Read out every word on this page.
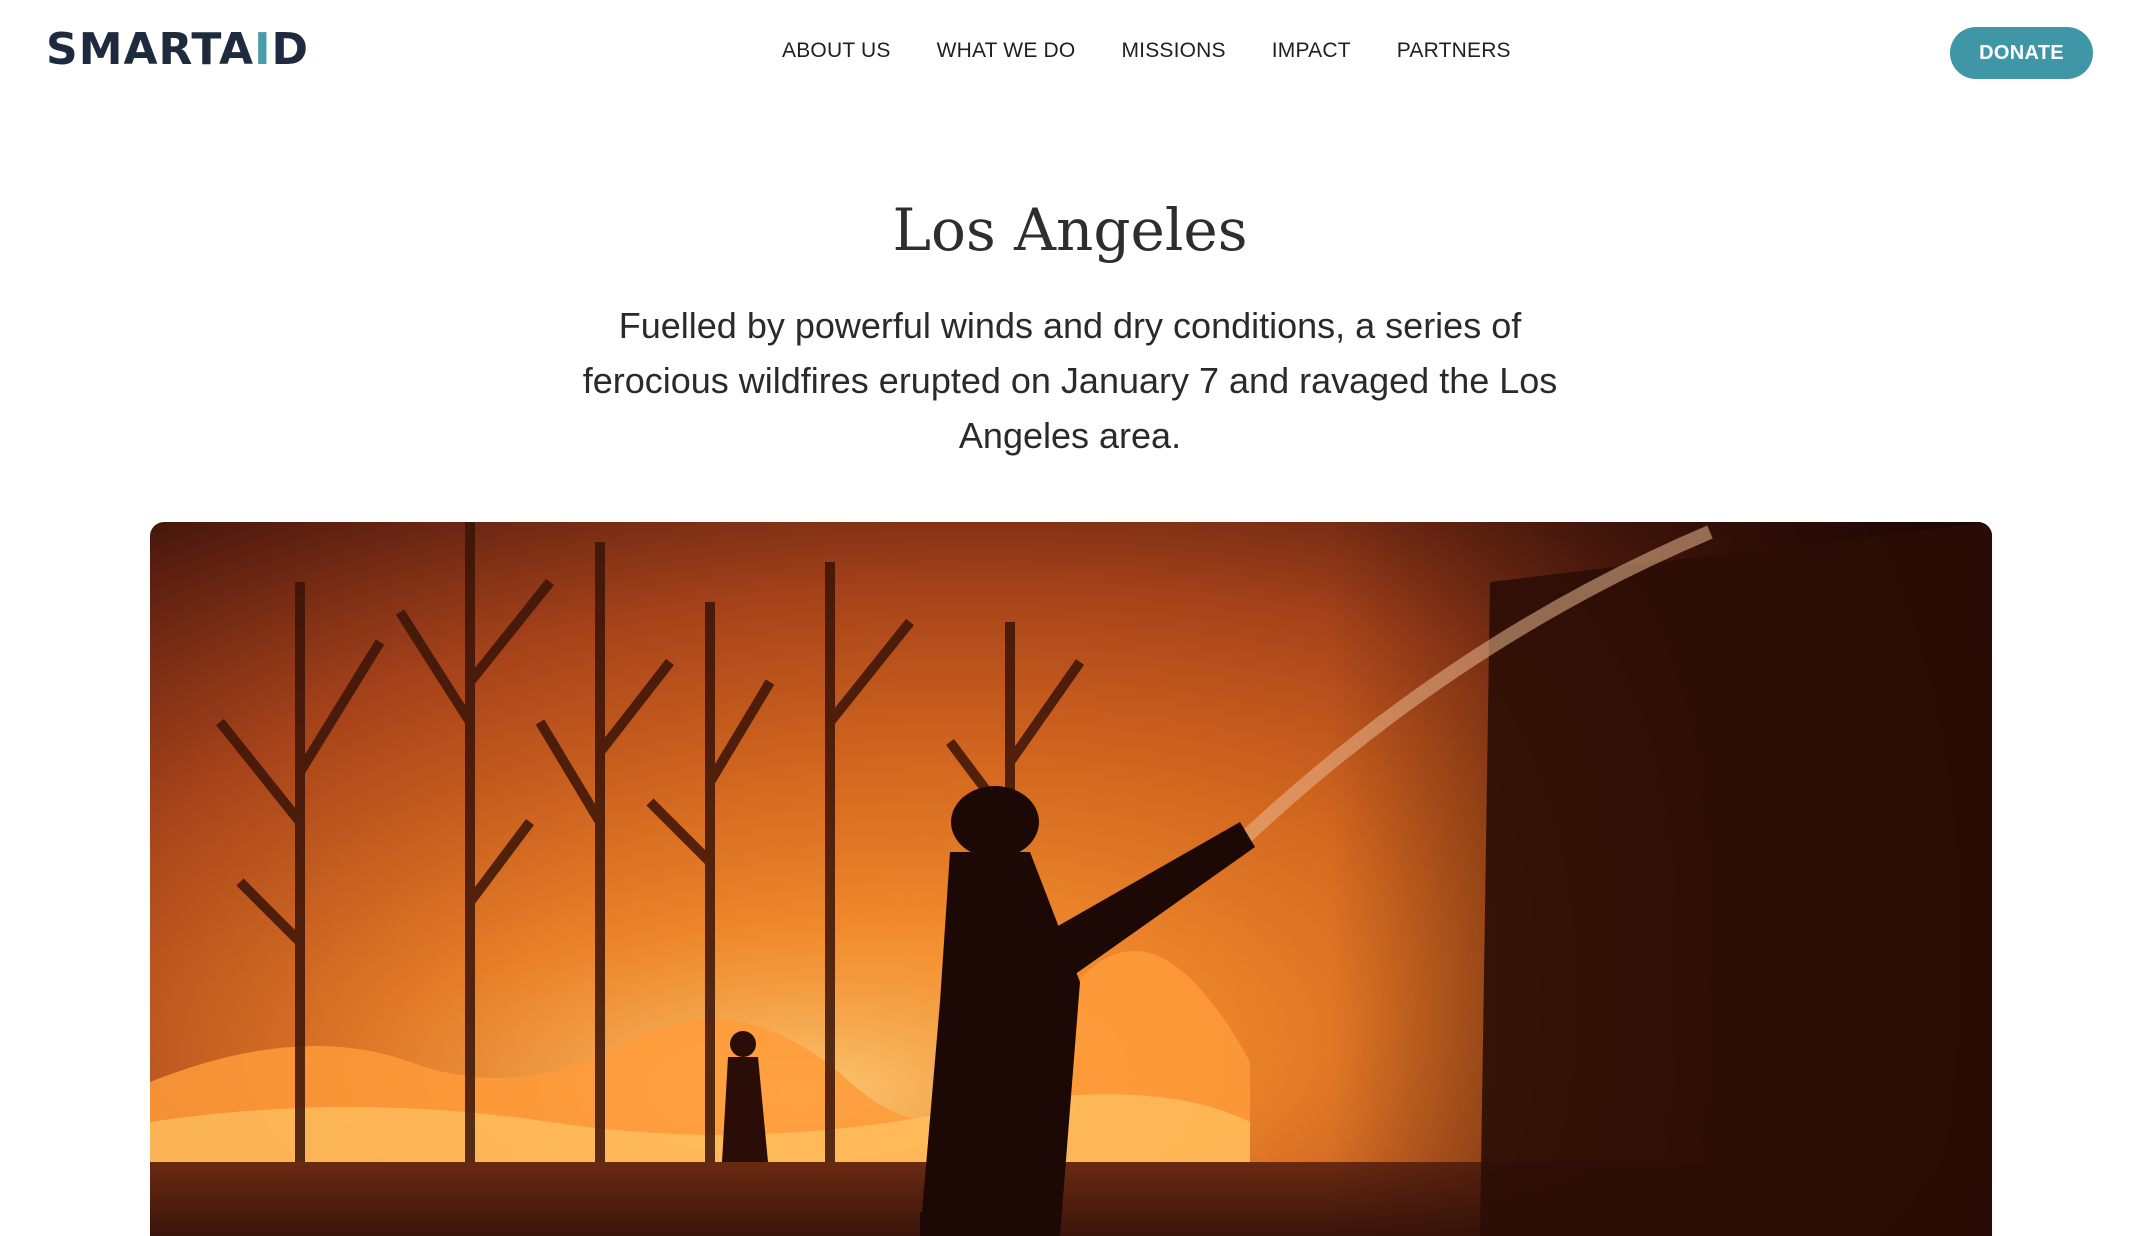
SMARTA I D	ABOUT US WHAT WE DO MISSIONS IMPACT PARTNERS	DONATE
Los Angeles

Fuelled by powerful winds and dry conditions, a series of ferocious wildfires erupted on January 7 and ravaged the Los Angeles area.
